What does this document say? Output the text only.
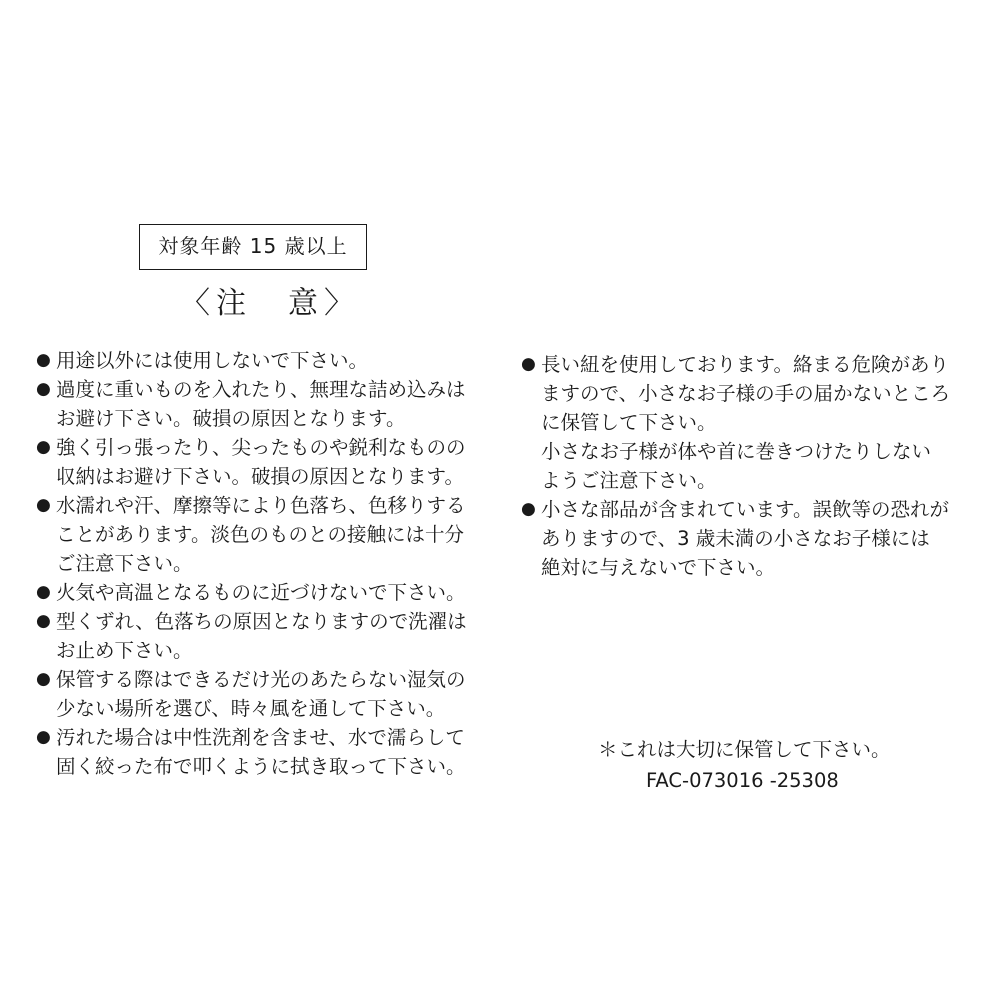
対象年齢 15 歳以上
〈注　意〉
● 用途以外には使用しないで下さい。
● 過度に重いものを入れたり、無理な詰め込みは
お避け下さい。破損の原因となります。
● 強く引っ張ったり、尖ったものや鋭利なものの
収納はお避け下さい。破損の原因となります。
● 水濡れや汗、摩擦等により色落ち、色移りする
ことがあります。淡色のものとの接触には十分
ご注意下さい。
● 火気や高温となるものに近づけないで下さい。
● 型くずれ、色落ちの原因となりますので洗濯は
お止め下さい。
● 保管する際はできるだけ光のあたらない湿気の
少ない場所を選び、時々風を通して下さい。
● 汚れた場合は中性洗剤を含ませ、水で濡らして
固く絞った布で叩くように拭き取って下さい。
● 長い紐を使用しております。絡まる危険があり
ますので、小さなお子様の手の届かないところ
に保管して下さい。
小さなお子様が体や首に巻きつけたりしない
ようご注意下さい。
● 小さな部品が含まれています。誤飲等の恐れが
ありますので、3 歳未満の小さなお子様には
絶対に与えないで下さい。
＊これは大切に保管して下さい。
FAC-073016 -25308
